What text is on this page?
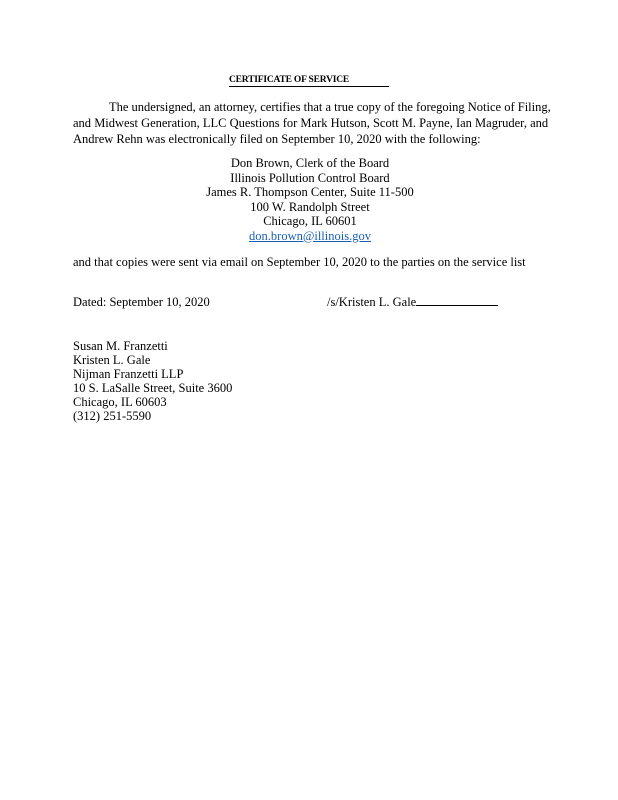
CERTIFICATE OF SERVICE
The undersigned, an attorney, certifies that a true copy of the foregoing Notice of Filing,
and Midwest Generation, LLC Questions for Mark Hutson, Scott M. Payne, Ian Magruder, and
Andrew Rehn was electronically filed on September 10, 2020 with the following:
Don Brown, Clerk of the Board
Illinois Pollution Control Board
James R. Thompson Center, Suite 11-500
100 W. Randolph Street
Chicago, IL 60601
don.brown@illinois.gov
and that copies were sent via email on September 10, 2020 to the parties on the service list
Dated: September 10, 2020	/s/Kristen L. Gale
Susan M. Franzetti
Kristen L. Gale
Nijman Franzetti LLP
10 S. LaSalle Street, Suite 3600
Chicago, IL 60603
(312) 251-5590
